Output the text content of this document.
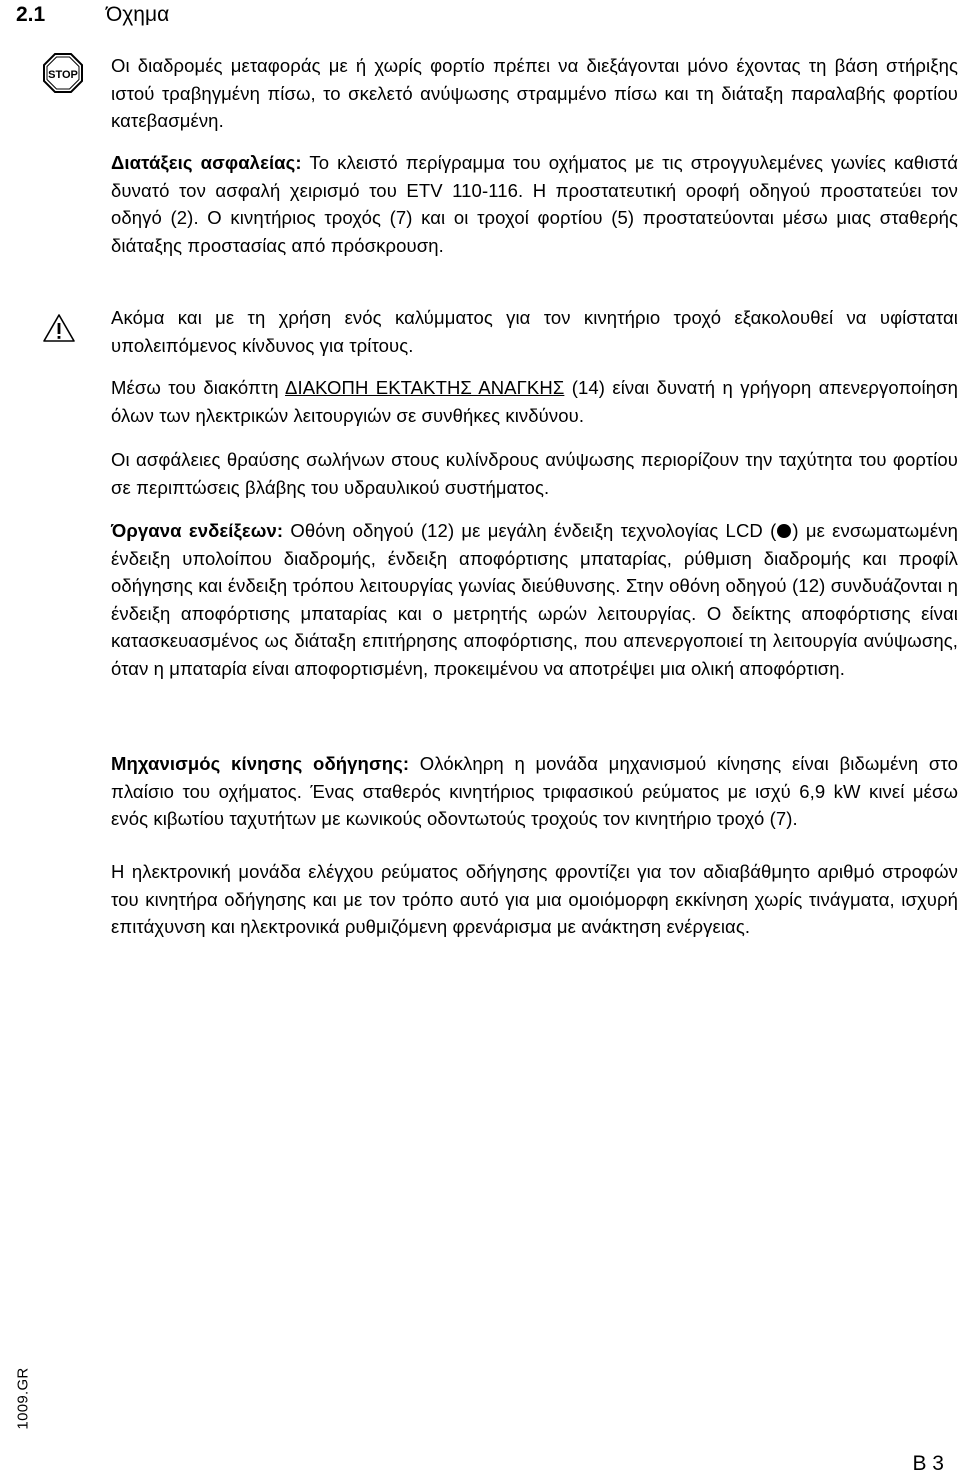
2.1	Όχημα
STOP Οι διαδρομές μεταφοράς με ή χωρίς φορτίο πρέπει να διεξάγονται μόνο έχοντας τη βάση στήριξης ιστού τραβηγμένη πίσω, το σκελετό ανύψωσης στραμμένο πίσω και τη διάταξη παραλαβής φορτίου κατεβασμένη.
Διατάξεις ασφαλείας: Το κλειστό περίγραμμα του οχήματος με τις στρογγυλεμένες γωνίες καθιστά δυνατό τον ασφαλή χειρισμό του ETV 110-116. Η προστατευτική οροφή οδηγού προστατεύει τον οδηγό (2). Ο κινητήριος τροχός (7) και οι τροχοί φορτίου (5) προστατεύονται μέσω μιας σταθερής διάταξης προστασίας από πρόσκρουση.
Ακόμα και με τη χρήση ενός καλύμματος για τον κινητήριο τροχό εξακολουθεί να υφίσταται υπολειπόμενος κίνδυνος για τρίτους.
Μέσω του διακόπτη ΔΙΑΚΟΠΗ ΕΚΤΑΚΤΗΣ ΑΝΑΓΚΗΣ (14) είναι δυνατή η γρήγορη απενεργοποίηση όλων των ηλεκτρικών λειτουργιών σε συνθήκες κινδύνου.
Οι ασφάλειες θραύσης σωλήνων στους κυλίνδρους ανύψωσης περιορίζουν την ταχύτητα του φορτίου σε περιπτώσεις βλάβης του υδραυλικού συστήματος.
Όργανα ενδείξεων: Οθόνη οδηγού (12) με μεγάλη ένδειξη τεχνολογίας LCD ( ) με ενσωματωμένη ένδειξη υπολοίπου διαδρομής, ένδειξη αποφόρτισης μπαταρίας, ρύθμιση διαδρομής και προφίλ οδήγησης και ένδειξη τρόπου λειτουργίας γωνίας διεύθυνσης. Στην οθόνη οδηγού (12) συνδυάζονται η ένδειξη αποφόρτισης μπαταρίας και ο μετρητής ωρών λειτουργίας. Ο δείκτης αποφόρτισης είναι κατασκευασμένος ως διάταξη επιτήρησης αποφόρτισης, που απενεργοποιεί τη λειτουργία ανύψωσης, όταν η μπαταρία είναι αποφορτισμένη, προκειμένου να αποτρέψει μια ολική αποφόρτιση.
Μηχανισμός κίνησης οδήγησης: Ολόκληρη η μονάδα μηχανισμού κίνησης είναι βιδωμένη στο πλαίσιο του οχήματος. Ένας σταθερός κινητήριος τριφασικού ρεύματος με ισχύ 6,9 kW κινεί μέσω ενός κιβωτίου ταχυτήτων με κωνικούς οδοντωτούς τροχούς τον κινητήριο τροχό (7).
Η ηλεκτρονική μονάδα ελέγχου ρεύματος οδήγησης φροντίζει για τον αδιαβάθμητο αριθμό στροφών του κινητήρα οδήγησης και με τον τρόπο αυτό για μια ομοιόμορφη εκκίνηση χωρίς τινάγματα, ισχυρή επιτάχυνση και ηλεκτρονικά ρυθμιζόμενη φρενάρισμα με ανάκτηση ενέργειας.
1009.GR
B 3
